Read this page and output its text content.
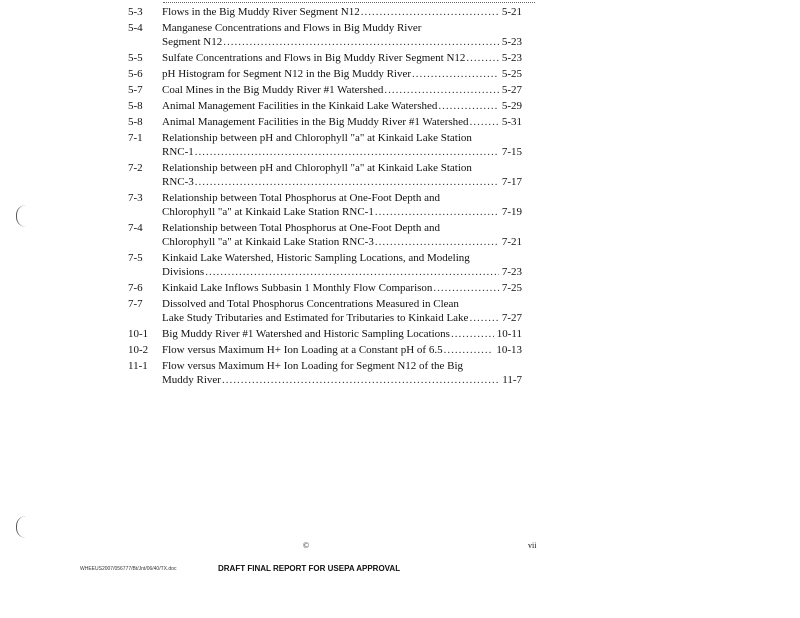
5-3	Flows in the Big Muddy River Segment N12 .....	5-21
5-4	Manganese Concentrations and Flows in Big Muddy River
Segment N12 .....	5-23
5-5	Sulfate Concentrations and Flows in Big Muddy River Segment N12 .....	5-23
5-6	pH Histogram for Segment N12 in the Big Muddy River .....	5-25
5-7	Coal Mines in the Big Muddy River #1 Watershed .....	5-27
5-8	Animal Management Facilities in the Kinkaid Lake Watershed .....	5-29
5-8	Animal Management Facilities in the Big Muddy River #1 Watershed .....	5-31
7-1	Relationship between pH and Chlorophyll "a" at Kinkaid Lake Station
RNC-1 .....	7-15
7-2	Relationship between pH and Chlorophyll "a" at Kinkaid Lake Station
RNC-3 .....	7-17
7-3	Relationship between Total Phosphorus at One-Foot Depth and
Chlorophyll "a" at Kinkaid Lake Station RNC-1 .....	7-19
7-4	Relationship between Total Phosphorus at One-Foot Depth and
Chlorophyll "a" at Kinkaid Lake Station RNC-3 .....	7-21
7-5	Kinkaid Lake Watershed, Historic Sampling Locations, and Modeling
Divisions .....	7-23
7-6	Kinkaid Lake Inflows Subbasin 1 Monthly Flow Comparison .....	7-25
7-7	Dissolved and Total Phosphorus Concentrations Measured in Clean
Lake Study Tributaries and Estimated for Tributaries to Kinkaid Lake .....	7-27
10-1	Big Muddy River #1 Watershed and Historic Sampling Locations .....	10-11
10-2	Flow versus Maximum H+ Ion Loading at a Constant pH of 6.5 .....	10-13
11-1	Flow versus Maximum H+ Ion Loading for Segment N12 of the Big
Muddy River .....	11-7
©	vii
WHEEUS2007/056777/Bt/Jnt/06/40/TX.doc	DRAFT FINAL REPORT FOR USEPA APPROVAL
